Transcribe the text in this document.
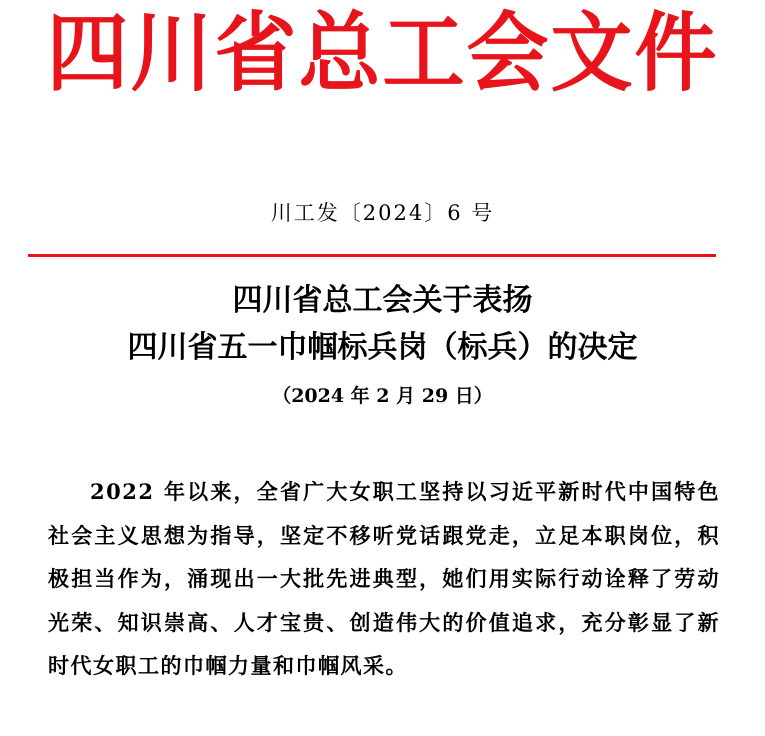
四川省总工会文件
川工发〔2024〕6 号
四川省总工会关于表扬
四川省五一巾帼标兵岗（标兵）的决定
（2024 年 2 月 29 日）

2022 年以来，全省广大女职工坚持以习近平新时代中国特色社会主义思想为指导，坚定不移听党话跟党走，立足本职岗位，积极担当作为，涌现出一大批先进典型，她们用实际行动诠释了劳动光荣、知识崇高、人才宝贵、创造伟大的价值追求，充分彰显了新时代女职工的巾帼力量和巾帼风采。
